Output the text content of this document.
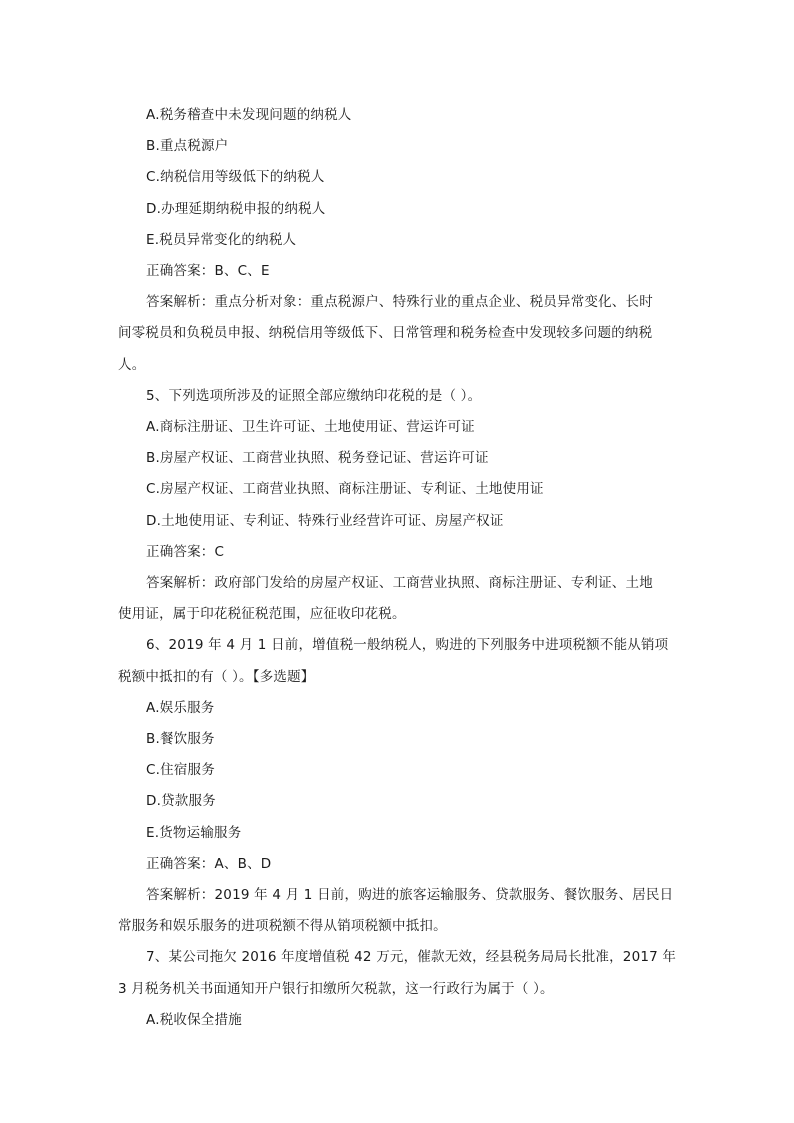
A.税务稽查中未发现问题的纳税人

B.重点税源户

C.纳税信用等级低下的纳税人

D.办理延期纳税申报的纳税人

E.税员异常变化的纳税人

正确答案：B、C、E

答案解析：重点分析对象：重点税源户、特殊行业的重点企业、税员异常变化、长时

间零税员和负税员申报、纳税信用等级低下、日常管理和税务检查中发现较多问题的纳税

人。

5、下列选项所涉及的证照全部应缴纳印花税的是（ ）。

A.商标注册证、卫生许可证、土地使用证、营运许可证

B.房屋产权证、工商营业执照、税务登记证、营运许可证

C.房屋产权证、工商营业执照、商标注册证、专利证、土地使用证

D.土地使用证、专利证、特殊行业经营许可证、房屋产权证

正确答案：C

答案解析：政府部门发给的房屋产权证、工商营业执照、商标注册证、专利证、土地

使用证，属于印花税征税范围，应征收印花税。

6、2019 年 4 月 1 日前，增值税一般纳税人，购进的下列服务中进项税额不能从销项

税额中抵扣的有（ ）。【多选题】

A.娱乐服务

B.餐饮服务

C.住宿服务

D.贷款服务

E.货物运输服务

正确答案：A、B、D

答案解析：2019 年 4 月 1 日前，购进的旅客运输服务、贷款服务、餐饮服务、居民日

常服务和娱乐服务的进项税额不得从销项税额中抵扣。

7、某公司拖欠 2016 年度增值税 42 万元，催款无效，经县税务局局长批准，2017 年

3 月税务机关书面通知开户银行扣缴所欠税款，这一行政行为属于（ ）。

A.税收保全措施
